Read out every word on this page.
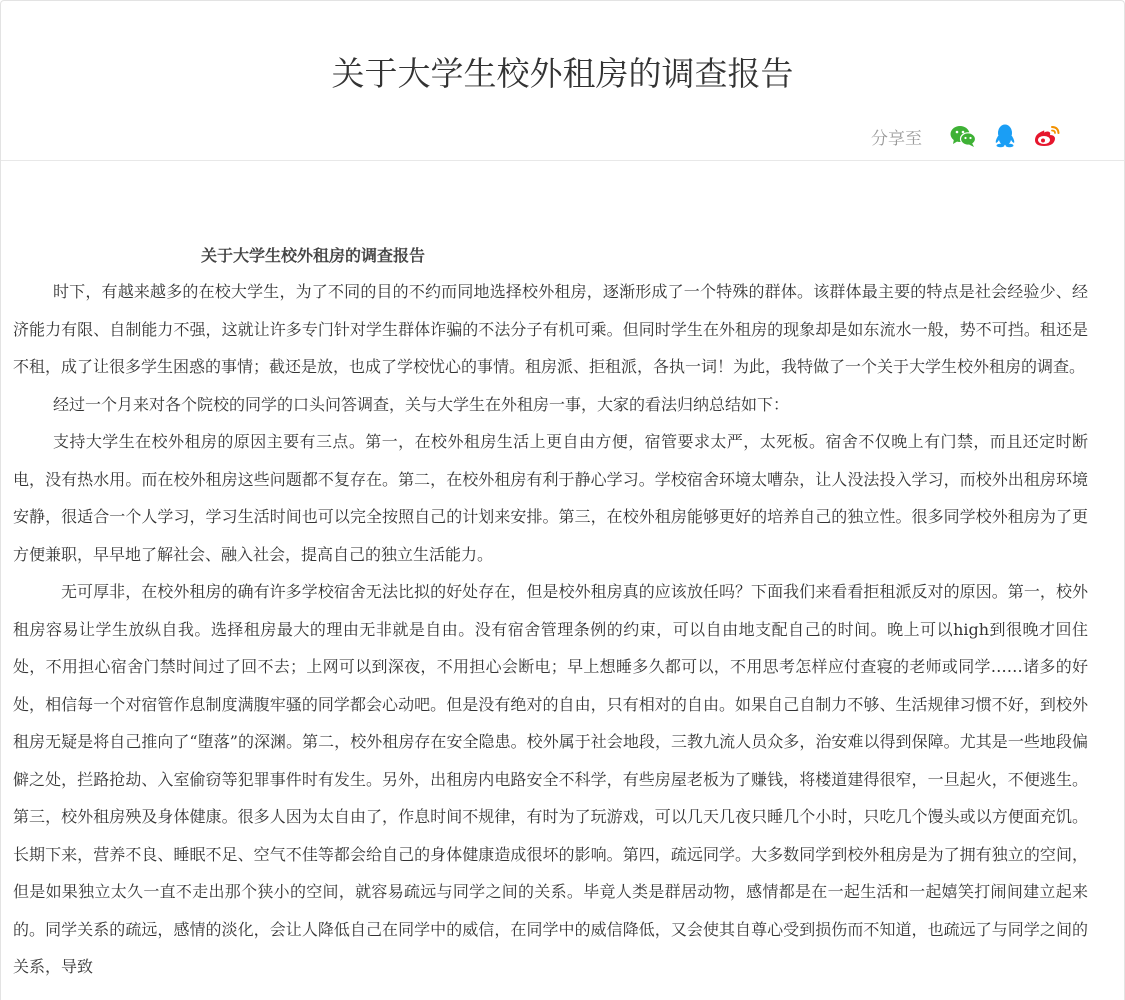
关于大学生校外租房的调查报告
分享至
关于大学生校外租房的调查报告

时下，有越来越多的在校大学生，为了不同的目的不约而同地选择校外租房，逐渐形成了一个特殊的群体。该群体最主要的特点是社会经验少、经济能力有限、自制能力不强，这就让许多专门针对学生群体诈骗的不法分子有机可乘。但同时学生在外租房的现象却是如东流水一般，势不可挡。租还是不租，成了让很多学生困惑的事情；截还是放，也成了学校忧心的事情。租房派、拒租派，各执一词！为此，我特做了一个关于大学生校外租房的调查。

经过一个月来对各个院校的同学的口头问答调查，关与大学生在外租房一事，大家的看法归纳总结如下：

支持大学生在校外租房的原因主要有三点。第一，在校外租房生活上更自由方便，宿管要求太严，太死板。宿舍不仅晚上有门禁，而且还定时断电，没有热水用。而在校外租房这些问题都不复存在。第二，在校外租房有利于静心学习。学校宿舍环境太嘈杂，让人没法投入学习，而校外出租房环境安静，很适合一个人学习，学习生活时间也可以完全按照自己的计划来安排。第三，在校外租房能够更好的培养自己的独立性。很多同学校外租房为了更方便兼职，早早地了解社会、融入社会，提高自己的独立生活能力。

无可厚非，在校外租房的确有许多学校宿舍无法比拟的好处存在，但是校外租房真的应该放任吗？下面我们来看看拒租派反对的原因。第一，校外租房容易让学生放纵自我。选择租房最大的理由无非就是自由。没有宿舍管理条例的约束，可以自由地支配自己的时间。晚上可以high到很晚才回住处，不用担心宿舍门禁时间过了回不去；上网可以到深夜，不用担心会断电；早上想睡多久都可以，不用思考怎样应付查寝的老师或同学……诸多的好处，相信每一个对宿管作息制度满腹牢骚的同学都会心动吧。但是没有绝对的自由，只有相对的自由。如果自己自制力不够、生活规律习惯不好，到校外租房无疑是将自己推向了“堕落”的深渊。第二，校外租房存在安全隐患。校外属于社会地段，三教九流人员众多，治安难以得到保障。尤其是一些地段偏僻之处，拦路抢劫、入室偷窃等犯罪事件时有发生。另外，出租房内电路安全不科学，有些房屋老板为了赚钱，将楼道建得很窄，一旦起火，不便逃生。第三，校外租房殃及身体健康。很多人因为太自由了，作息时间不规律，有时为了玩游戏，可以几天几夜只睡几个小时，只吃几个馒头或以方便面充饥。长期下来，营养不良、睡眠不足、空气不佳等都会给自己的身体健康造成很坏的影响。第四，疏远同学。大多数同学到校外租房是为了拥有独立的空间，但是如果独立太久一直不走出那个狭小的空间，就容易疏远与同学之间的关系。毕竟人类是群居动物，感情都是在一起生活和一起嬉笑打闹间建立起来的。同学关系的疏远，感情的淡化，会让人降低自己在同学中的威信，在同学中的威信降低，又会使其自尊心受到损伤而不知道，也疏远了与同学之间的关系，导致
